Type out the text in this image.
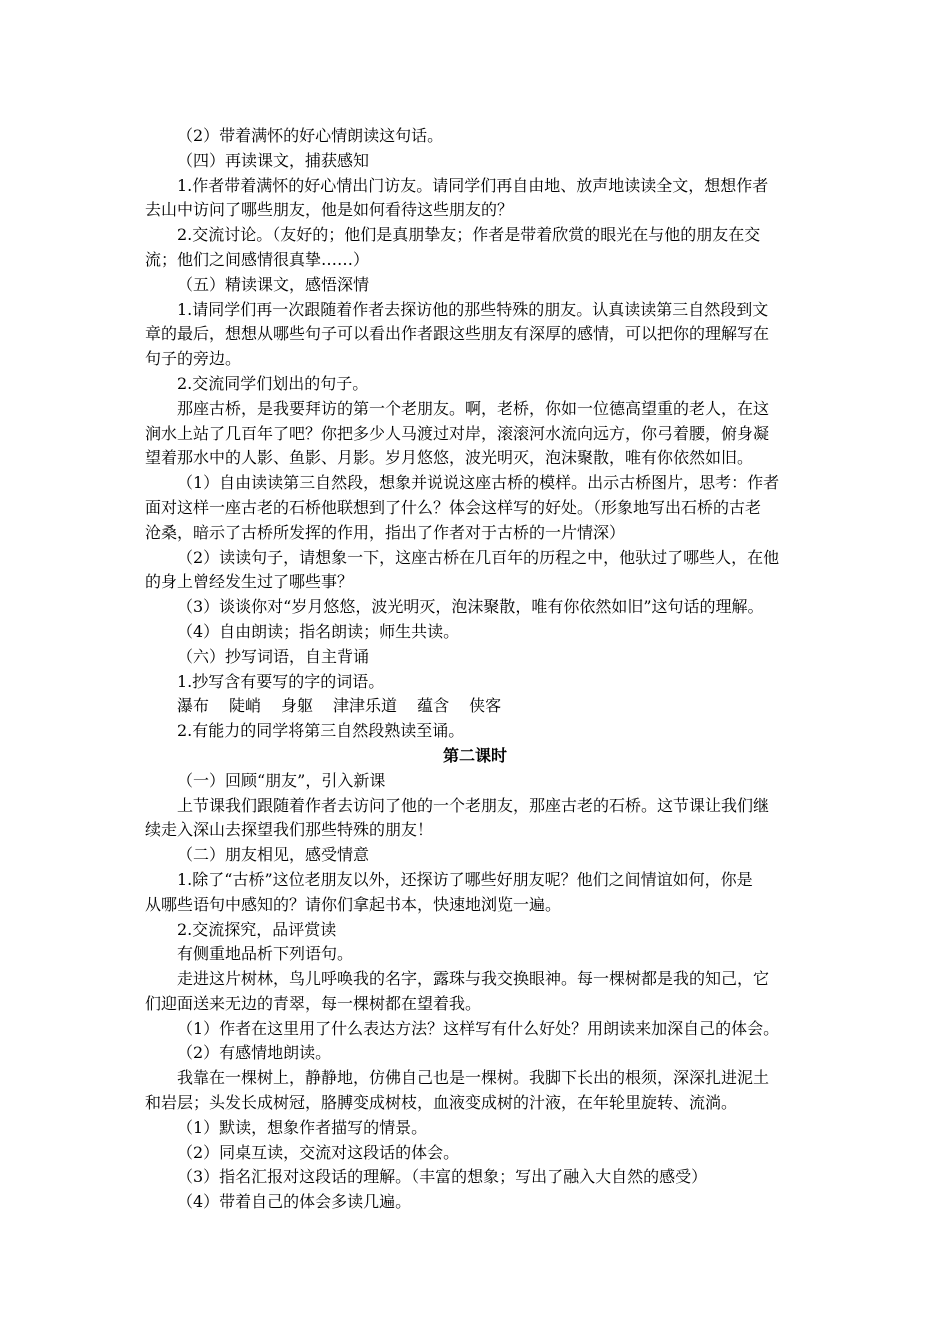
（2）带着满怀的好心情朗读这句话。
（四）再读课文，捕获感知
1.作者带着满怀的好心情出门访友。请同学们再自由地、放声地读读全文，想想作者
去山中访问了哪些朋友，他是如何看待这些朋友的？
2.交流讨论。（友好的；他们是真朋挚友；作者是带着欣赏的眼光在与他的朋友在交
流；他们之间感情很真挚……）
（五）精读课文，感悟深情
1.请同学们再一次跟随着作者去探访他的那些特殊的朋友。认真读读第三自然段到文
章的最后，想想从哪些句子可以看出作者跟这些朋友有深厚的感情，可以把你的理解写在
句子的旁边。
2.交流同学们划出的句子。
那座古桥，是我要拜访的第一个老朋友。啊，老桥，你如一位德高望重的老人，在这
涧水上站了几百年了吧？你把多少人马渡过对岸，滚滚河水流向远方，你弓着腰，俯身凝
望着那水中的人影、鱼影、月影。岁月悠悠，波光明灭，泡沫聚散，唯有你依然如旧。
（1）自由读读第三自然段，想象并说说这座古桥的模样。出示古桥图片，思考：作者
面对这样一座古老的石桥他联想到了什么？体会这样写的好处。（形象地写出石桥的古老
沧桑，暗示了古桥所发挥的作用，指出了作者对于古桥的一片情深）
（2）读读句子，请想象一下，这座古桥在几百年的历程之中，他驮过了哪些人，在他
的身上曾经发生过了哪些事？
（3）谈谈你对“岁月悠悠，波光明灭，泡沫聚散，唯有你依然如旧”这句话的理解。
（4）自由朗读；指名朗读；师生共读。
（六）抄写词语，自主背诵
1.抄写含有要写的字的词语。
瀑布 陡峭 身躯 津津乐道 蕴含 侠客
2.有能力的同学将第三自然段熟读至诵。
第二课时
（一）回顾“朋友”，引入新课
上节课我们跟随着作者去访问了他的一个老朋友，那座古老的石桥。这节课让我们继
续走入深山去探望我们那些特殊的朋友！
（二）朋友相见，感受情意
1.除了“古桥”这位老朋友以外，还探访了哪些好朋友呢？他们之间情谊如何，你是
从哪些语句中感知的？请你们拿起书本，快速地浏览一遍。
2.交流探究，品评赏读
有侧重地品析下列语句。
走进这片树林，鸟儿呼唤我的名字，露珠与我交换眼神。每一棵树都是我的知己，它
们迎面送来无边的青翠，每一棵树都在望着我。
（1）作者在这里用了什么表达方法？这样写有什么好处？用朗读来加深自己的体会。
（2）有感情地朗读。
我靠在一棵树上，静静地，仿佛自己也是一棵树。我脚下长出的根须，深深扎进泥土
和岩层；头发长成树冠，胳膊变成树枝，血液变成树的汁液，在年轮里旋转、流淌。
（1）默读，想象作者描写的情景。
（2）同桌互读，交流对这段话的体会。
（3）指名汇报对这段话的理解。（丰富的想象；写出了融入大自然的感受）
（4）带着自己的体会多读几遍。
